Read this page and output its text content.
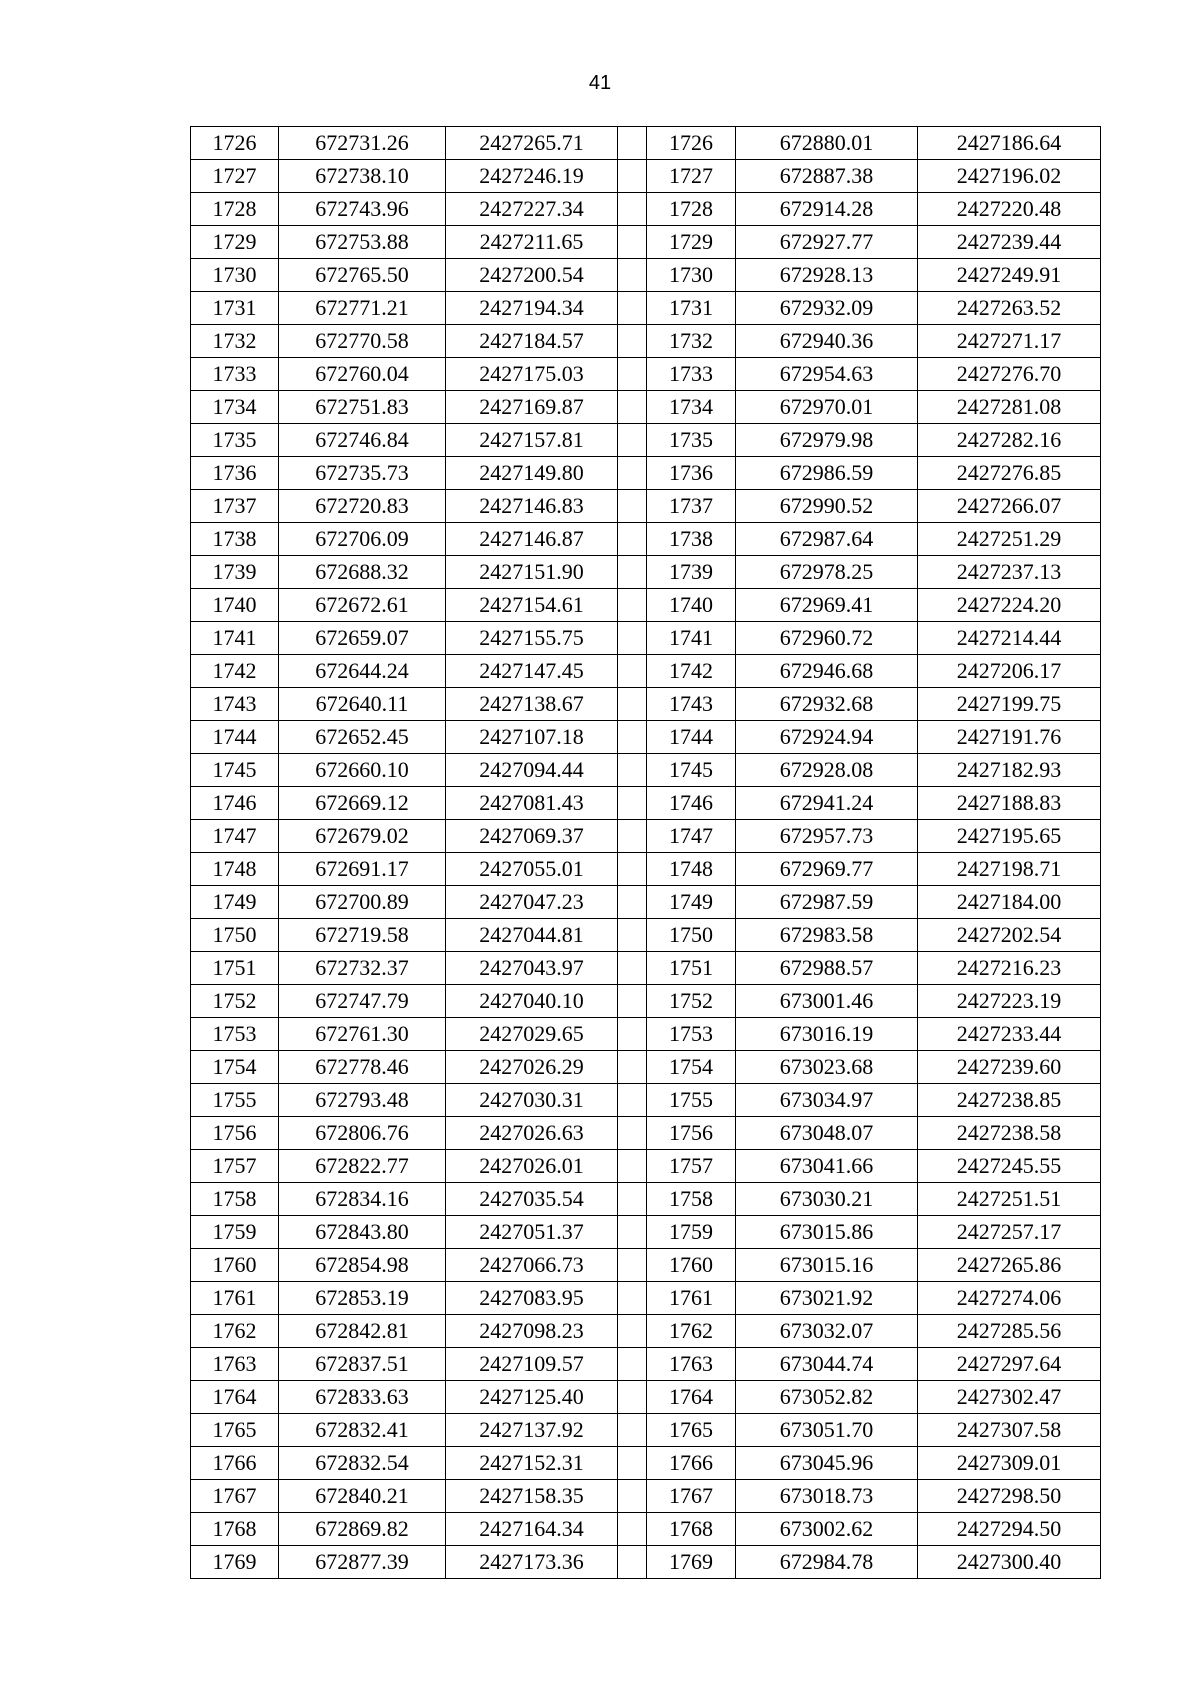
41
1726	672731.26	2427265.71		1726	672880.01	2427186.64
1727	672738.10	2427246.19		1727	672887.38	2427196.02
1728	672743.96	2427227.34		1728	672914.28	2427220.48
1729	672753.88	2427211.65		1729	672927.77	2427239.44
1730	672765.50	2427200.54		1730	672928.13	2427249.91
1731	672771.21	2427194.34		1731	672932.09	2427263.52
1732	672770.58	2427184.57		1732	672940.36	2427271.17
1733	672760.04	2427175.03		1733	672954.63	2427276.70
1734	672751.83	2427169.87		1734	672970.01	2427281.08
1735	672746.84	2427157.81		1735	672979.98	2427282.16
1736	672735.73	2427149.80		1736	672986.59	2427276.85
1737	672720.83	2427146.83		1737	672990.52	2427266.07
1738	672706.09	2427146.87		1738	672987.64	2427251.29
1739	672688.32	2427151.90		1739	672978.25	2427237.13
1740	672672.61	2427154.61		1740	672969.41	2427224.20
1741	672659.07	2427155.75		1741	672960.72	2427214.44
1742	672644.24	2427147.45		1742	672946.68	2427206.17
1743	672640.11	2427138.67		1743	672932.68	2427199.75
1744	672652.45	2427107.18		1744	672924.94	2427191.76
1745	672660.10	2427094.44		1745	672928.08	2427182.93
1746	672669.12	2427081.43		1746	672941.24	2427188.83
1747	672679.02	2427069.37		1747	672957.73	2427195.65
1748	672691.17	2427055.01		1748	672969.77	2427198.71
1749	672700.89	2427047.23		1749	672987.59	2427184.00
1750	672719.58	2427044.81		1750	672983.58	2427202.54
1751	672732.37	2427043.97		1751	672988.57	2427216.23
1752	672747.79	2427040.10		1752	673001.46	2427223.19
1753	672761.30	2427029.65		1753	673016.19	2427233.44
1754	672778.46	2427026.29		1754	673023.68	2427239.60
1755	672793.48	2427030.31		1755	673034.97	2427238.85
1756	672806.76	2427026.63		1756	673048.07	2427238.58
1757	672822.77	2427026.01		1757	673041.66	2427245.55
1758	672834.16	2427035.54		1758	673030.21	2427251.51
1759	672843.80	2427051.37		1759	673015.86	2427257.17
1760	672854.98	2427066.73		1760	673015.16	2427265.86
1761	672853.19	2427083.95		1761	673021.92	2427274.06
1762	672842.81	2427098.23		1762	673032.07	2427285.56
1763	672837.51	2427109.57		1763	673044.74	2427297.64
1764	672833.63	2427125.40		1764	673052.82	2427302.47
1765	672832.41	2427137.92		1765	673051.70	2427307.58
1766	672832.54	2427152.31		1766	673045.96	2427309.01
1767	672840.21	2427158.35		1767	673018.73	2427298.50
1768	672869.82	2427164.34		1768	673002.62	2427294.50
1769	672877.39	2427173.36		1769	672984.78	2427300.40
